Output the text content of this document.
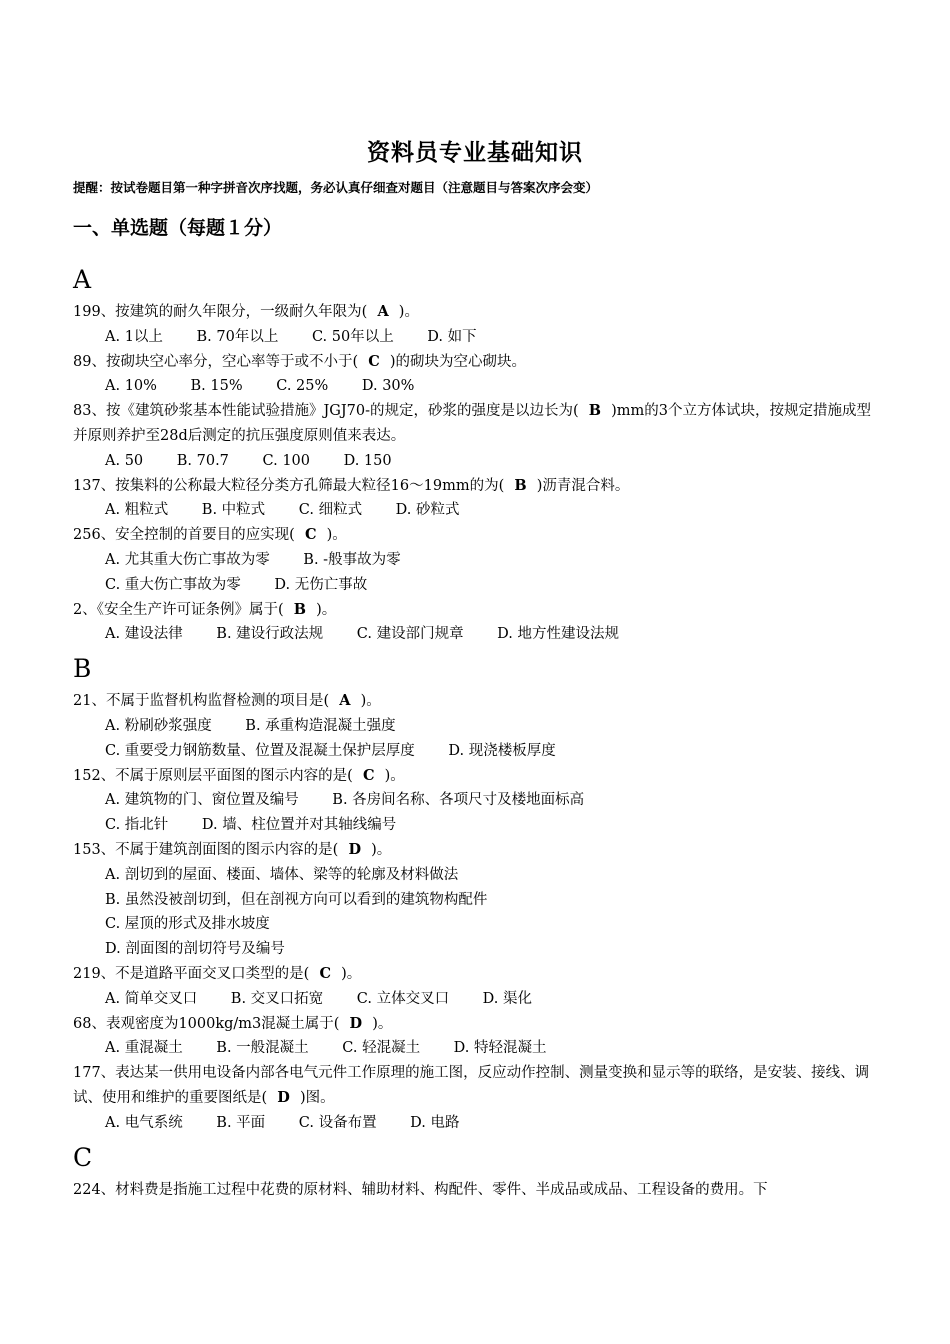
资料员专业基础知识
提醒：按试卷题目第一种字拼音次序找题，务必认真仔细查对题目（注意题目与答案次序会变）
一、单选题（每题１分）
A
199、按建筑的耐久年限分，一级耐久年限为(  A  )。
A. 1以上　　 B. 70年以上　　 C. 50年以上　　 D. 如下
89、按砌块空心率分，空心率等于或不小于(  C  )的砌块为空心砌块。
A. 10%　　 B. 15%　　 C. 25%　　 D. 30%
83、按《建筑砂浆基本性能试验措施》JGJ70-的规定，砂浆的强度是以边长为(  B  )mm的3个立方体试块，按规定措施成型并原则养护至28d后测定的抗压强度原则值来表达。
A. 50　　 B. 70.7　　 C. 100　　 D. 150
137、按集料的公称最大粒径分类方孔筛最大粒径16～19mm的为(  B  )沥青混合料。
A. 粗粒式　　 B. 中粒式　　 C. 细粒式　　 D. 砂粒式
256、安全控制的首要目的应实现(  C  )。
A. 尤其重大伤亡事故为零　　 B. -般事故为零
C. 重大伤亡事故为零　　 D. 无伤亡事故
2、《安全生产许可证条例》属于(  B  )。
A. 建设法律　　 B. 建设行政法规　　 C. 建设部门规章　　 D. 地方性建设法规
B
21、不属于监督机构监督检测的项目是(  A  )。
A. 粉刷砂浆强度　　 B. 承重构造混凝土强度
C. 重要受力钢筋数量、位置及混凝土保护层厚度　　 D. 现浇楼板厚度
152、不属于原则层平面图的图示内容的是(  C  )。
A. 建筑物的门、窗位置及编号　　 B. 各房间名称、各项尺寸及楼地面标高
C. 指北针　　 D. 墙、柱位置并对其轴线编号
153、不属于建筑剖面图的图示内容的是(  D  )。
A. 剖切到的屋面、楼面、墙体、梁等的轮廓及材料做法
B. 虽然没被剖切到，但在剖视方向可以看到的建筑物构配件
C. 屋顶的形式及排水坡度
D. 剖面图的剖切符号及编号
219、不是道路平面交叉口类型的是(  C  )。
A. 简单交叉口　　 B. 交叉口拓宽　　 C. 立体交叉口　　 D. 渠化
68、表观密度为1000kg/m3混凝土属于(  D  )。
A. 重混凝土　　 B. 一般混凝土　　 C. 轻混凝土　　 D. 特轻混凝土
177、表达某一供用电设备内部各电气元件工作原理的施工图，反应动作控制、测量变换和显示等的联络，是安装、接线、调试、使用和维护的重要图纸是(  D  )图。
A. 电气系统　　 B. 平面　　 C. 设备布置　　 D. 电路
C
224、材料费是指施工过程中花费的原材料、辅助材料、构配件、零件、半成品或成品、工程设备的费用。下
